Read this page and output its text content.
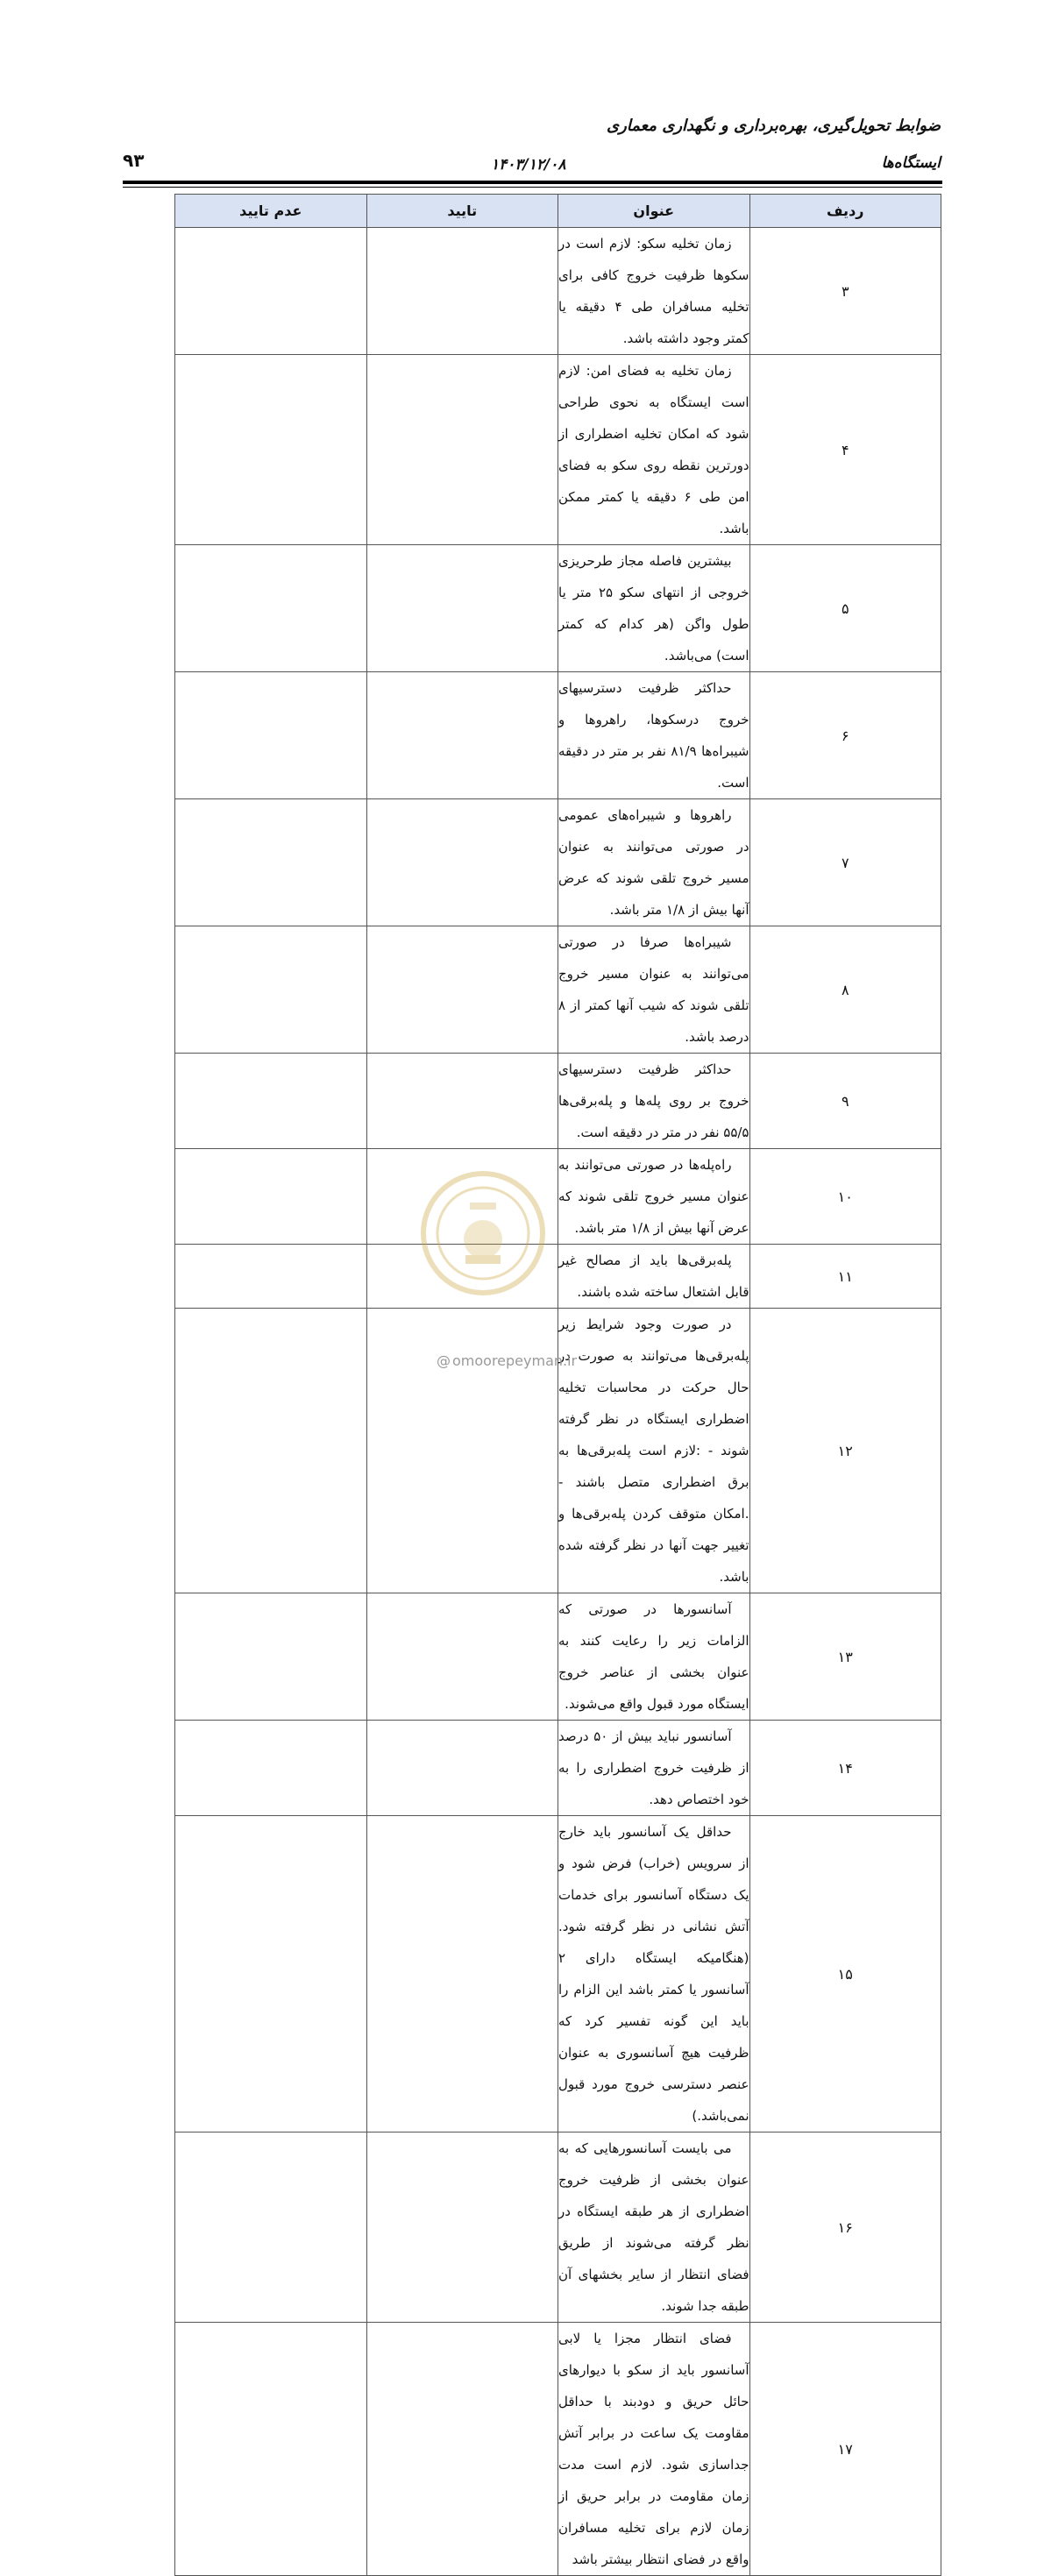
ضوابط تحویل‌گیری، بهره‌برداری و نگهداری معماری
۹۳	۱۴۰۳/۱۲/۰۸	ایستگاه‌ها
ردیف	عنوان	تایید	عدم تایید
۳	زمان تخلیه سکو: لازم است در سکوها ظرفیت خروج کافی برای تخلیه مسافران طی ۴ دقیقه یا کمتر وجود داشته باشد.		

۴	زمان تخلیه به فضای امن: لازم است ایستگاه به نحوی طراحی شود که امکان تخلیه اضطراری از دورترین نقطه روی سکو به فضای امن طی ۶ دقیقه یا کمتر ممکن باشد.		

۵	بیشترین فاصله مجاز طرحریزی خروجی از انتهای سکو ۲۵ متر یا طول واگن (هر کدام که کمتر است) می‌باشد.		

۶	حداکثر ظرفیت دسترسیهای خروج درسکوها، راهروها و شیبراه‌ها ۸۱/۹ نفر بر متر در دقیقه است.		

۷	راهروها و شیبراه‌های عمومی در صورتی می‌توانند به عنوان مسیر خروج تلقی شوند که عرض آنها بیش از ۱/۸ متر باشد.		

۸	شیبراه‌ها صرفا در صورتی می‌توانند به عنوان مسیر خروج تلقی شوند که شیب آنها کمتر از ۸ درصد باشد.		

۹	حداکثر ظرفیت دسترسیهای خروج بر روی پله‌ها و پله‌برقی‌ها ۵۵/۵ نفر در متر در دقیقه است.		

۱۰	راه‌پله‌ها در صورتی می‌توانند به عنوان مسیر خروج تلقی شوند که عرض آنها بیش از ۱/۸ متر باشد.		

۱۱	پله‌برقی‌ها باید از مصالح غیر قابل اشتعال ساخته شده باشند.		

۱۲	در صورت وجود شرایط زیر پله‌برقی‌ها می‌توانند به صورت در حال حرکت در محاسبات تخلیه اضطراری ایستگاه در نظر گرفته شوند - :لازم است پله‌برقی‌ها به برق اضطراری متصل باشند - .امکان متوقف کردن پله‌برقی‌ها و تغییر جهت آنها در نظر گرفته شده باشد.		

۱۳	آسانسورها در صورتی که الزامات زیر را رعایت کنند به عنوان بخشی از عناصر خروج ایستگاه مورد قبول واقع می‌شوند.		

۱۴	آسانسور نباید بیش از ۵۰ درصد از ظرفیت خروج اضطراری را به خود اختصاص دهد.		

۱۵	حداقل یک آسانسور باید خارج از سرویس (خراب) فرض شود و یک دستگاه آسانسور برای خدمات آتش نشانی در نظر گرفته شود. (هنگامیکه ایستگاه دارای ۲ آسانسور یا کمتر باشد این الزام را باید این گونه تفسیر کرد که ظرفیت هیچ آسانسوری به عنوان عنصر دسترسی خروج مورد قبول نمی‌باشد.)		

۱۶	می بایست آسانسورهایی که به عنوان بخشی از ظرفیت خروج اضطراری از هر طبقه ایستگاه در نظر گرفته می‌شوند از طریق فضای انتظار از سایر بخشهای آن طبقه جدا شوند.		

۱۷	فضای انتظار مجزا یا لابی آسانسور باید از سکو با دیوارهای حائل حریق و دودبند با حداقل مقاومت یک ساعت در برابر آتش جداسازی شود. لازم است مدت زمان مقاومت در برابر حریق از زمان لازم برای تخلیه مسافران واقع در فضای انتظار بیشتر باشد		

@ omoorepeyman.ir
